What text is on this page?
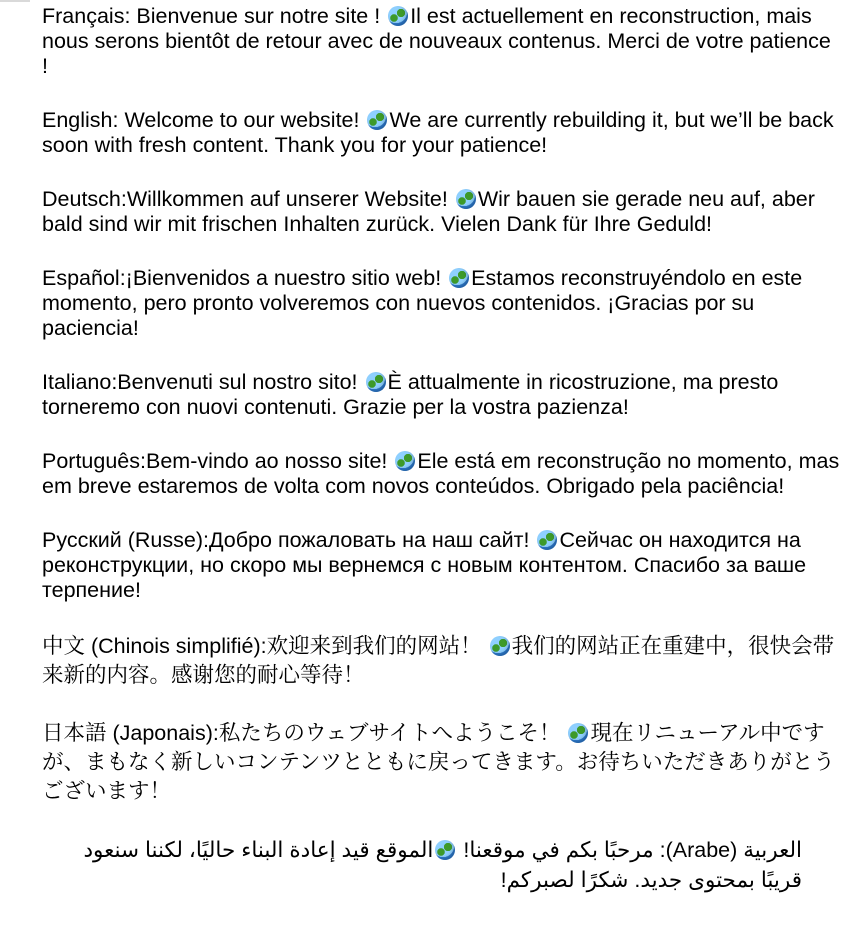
Français: Bienvenue sur notre site ! Il est actuellement en reconstruction, mais nous serons bientôt de retour avec de nouveaux contenus. Merci de votre patience !

English: Welcome to our website! We are currently rebuilding it, but we’ll be back soon with fresh content. Thank you for your patience!

Deutsch:Willkommen auf unserer Website! Wir bauen sie gerade neu auf, aber bald sind wir mit frischen Inhalten zurück. Vielen Dank für Ihre Geduld!

Español:¡Bienvenidos a nuestro sitio web! Estamos reconstruyéndolo en este momento, pero pronto volveremos con nuevos contenidos. ¡Gracias por su paciencia!

Italiano:Benvenuti sul nostro sito! È attualmente in ricostruzione, ma presto torneremo con nuovi contenuti. Grazie per la vostra pazienza!

Português:Bem-vindo ao nosso site! Ele está em reconstrução no momento, mas em breve estaremos de volta com novos conteúdos. Obrigado pela paciência!

Русский (Russe):Добро пожаловать на наш сайт! Сейчас он находится на реконструкции, но скоро мы вернемся с новым контентом. Спасибо за ваше терпение!

中文 (Chinois simplifié):欢迎来到我们的网站！ 我们的网站正在重建中，很快会带来新的内容。感谢您的耐心等待！

日本語 (Japonais):私たちのウェブサイトへようこそ！ 現在リニューアル中ですが、まもなく新しいコンテンツとともに戻ってきます。お待ちいただきありがとうございます！

العربية (Arabe): مرحبًا بكم في موقعنا! الموقع قيد إعادة البناء حاليًا، لكننا سنعود قريبًا بمحتوى جديد. شكرًا لصبركم!
